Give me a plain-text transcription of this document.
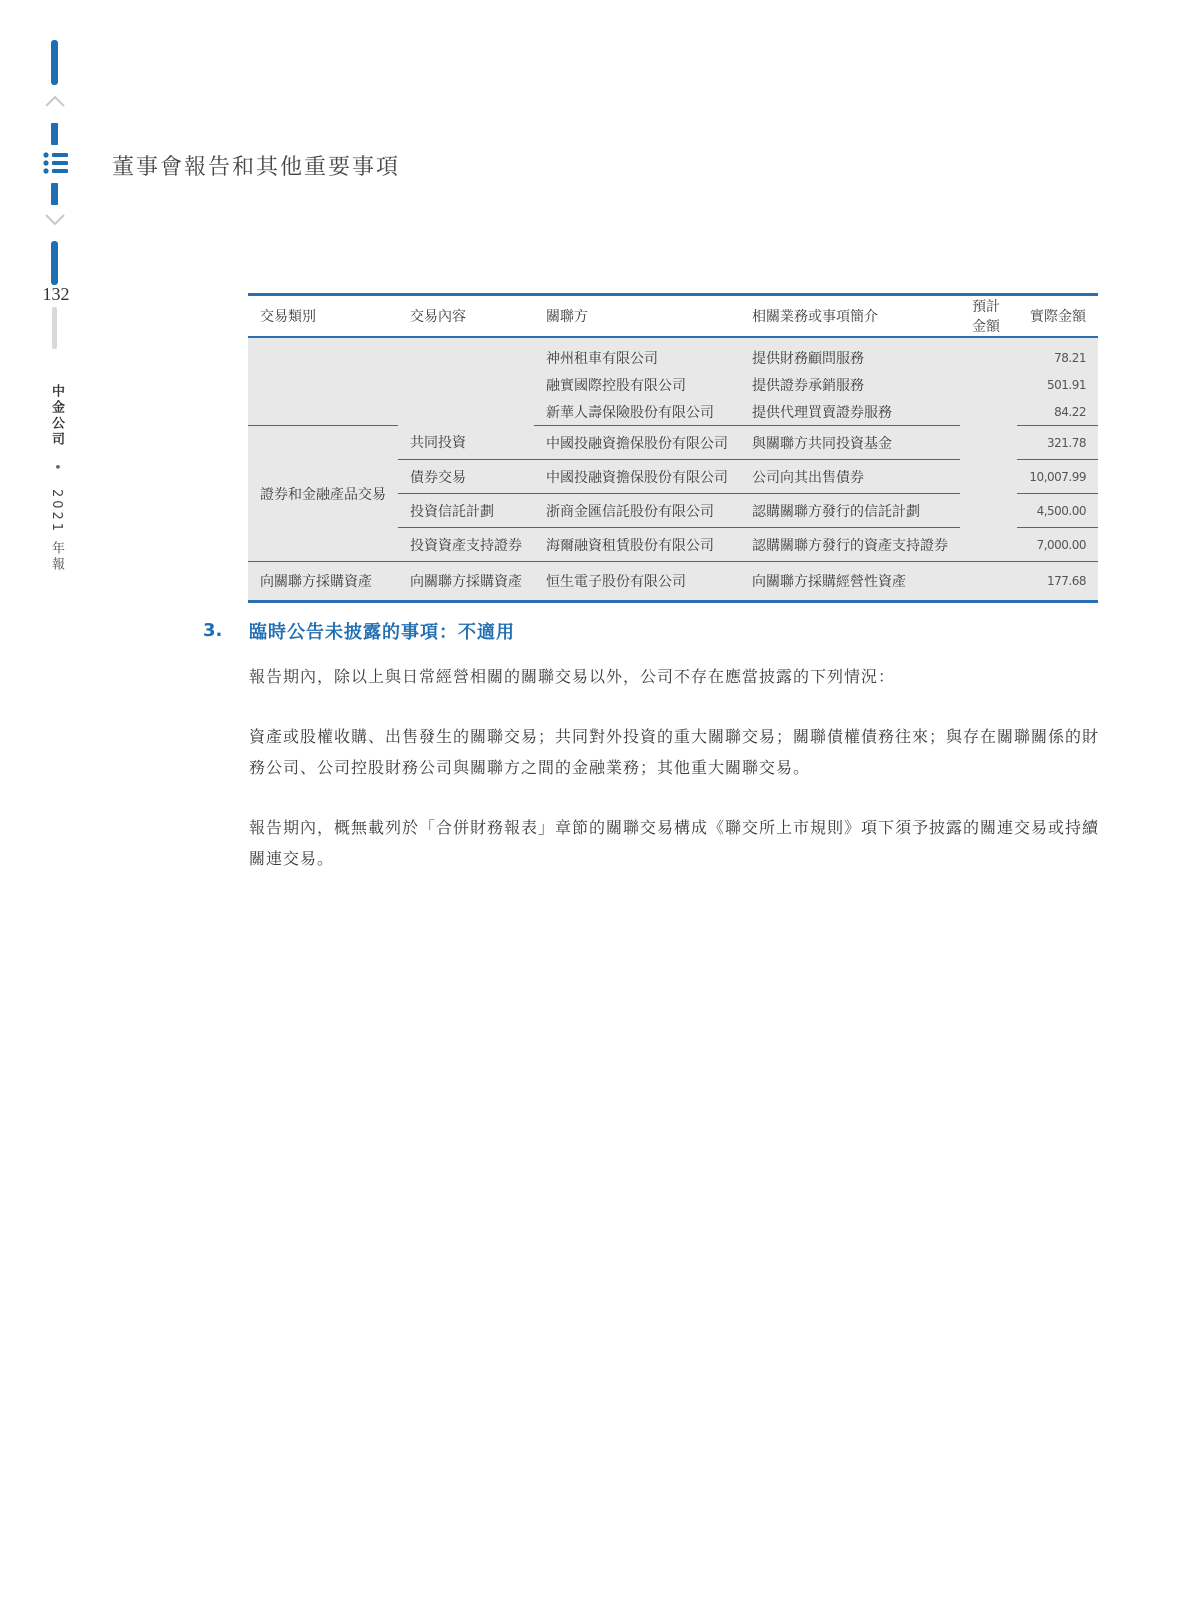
132
中金公司 • 2021 年報
董事會報告和其他重要事項
交易類別	交易內容	關聯方	相關業務或事項簡介	預計金額	實際金額
		神州租車有限公司	提供財務顧問服務		78.21
		融實國際控股有限公司	提供證券承銷服務		501.91
		新華人壽保險股份有限公司	提供代理買賣證券服務		84.22
證券和金融產品交易	共同投資	中國投融資擔保股份有限公司	與關聯方共同投資基金		321.78
	債券交易	中國投融資擔保股份有限公司	公司向其出售債券		10,007.99
	投資信託計劃	浙商金匯信託股份有限公司	認購關聯方發行的信託計劃		4,500.00
	投資資產支持證券	海爾融資租賃股份有限公司	認購關聯方發行的資產支持證券		7,000.00
向關聯方採購資產	向關聯方採購資產	恒生電子股份有限公司	向關聯方採購經營性資產		177.68
3. 臨時公告未披露的事項：不適用
報告期內，除以上與日常經營相關的關聯交易以外，公司不存在應當披露的下列情況：
資產或股權收購、出售發生的關聯交易；共同對外投資的重大關聯交易；關聯債權債務往來；與存在關聯關係的財務公司、公司控股財務公司與關聯方之間的金融業務；其他重大關聯交易。
報告期內，概無載列於「合併財務報表」章節的關聯交易構成《聯交所上市規則》項下須予披露的關連交易或持續關連交易。
